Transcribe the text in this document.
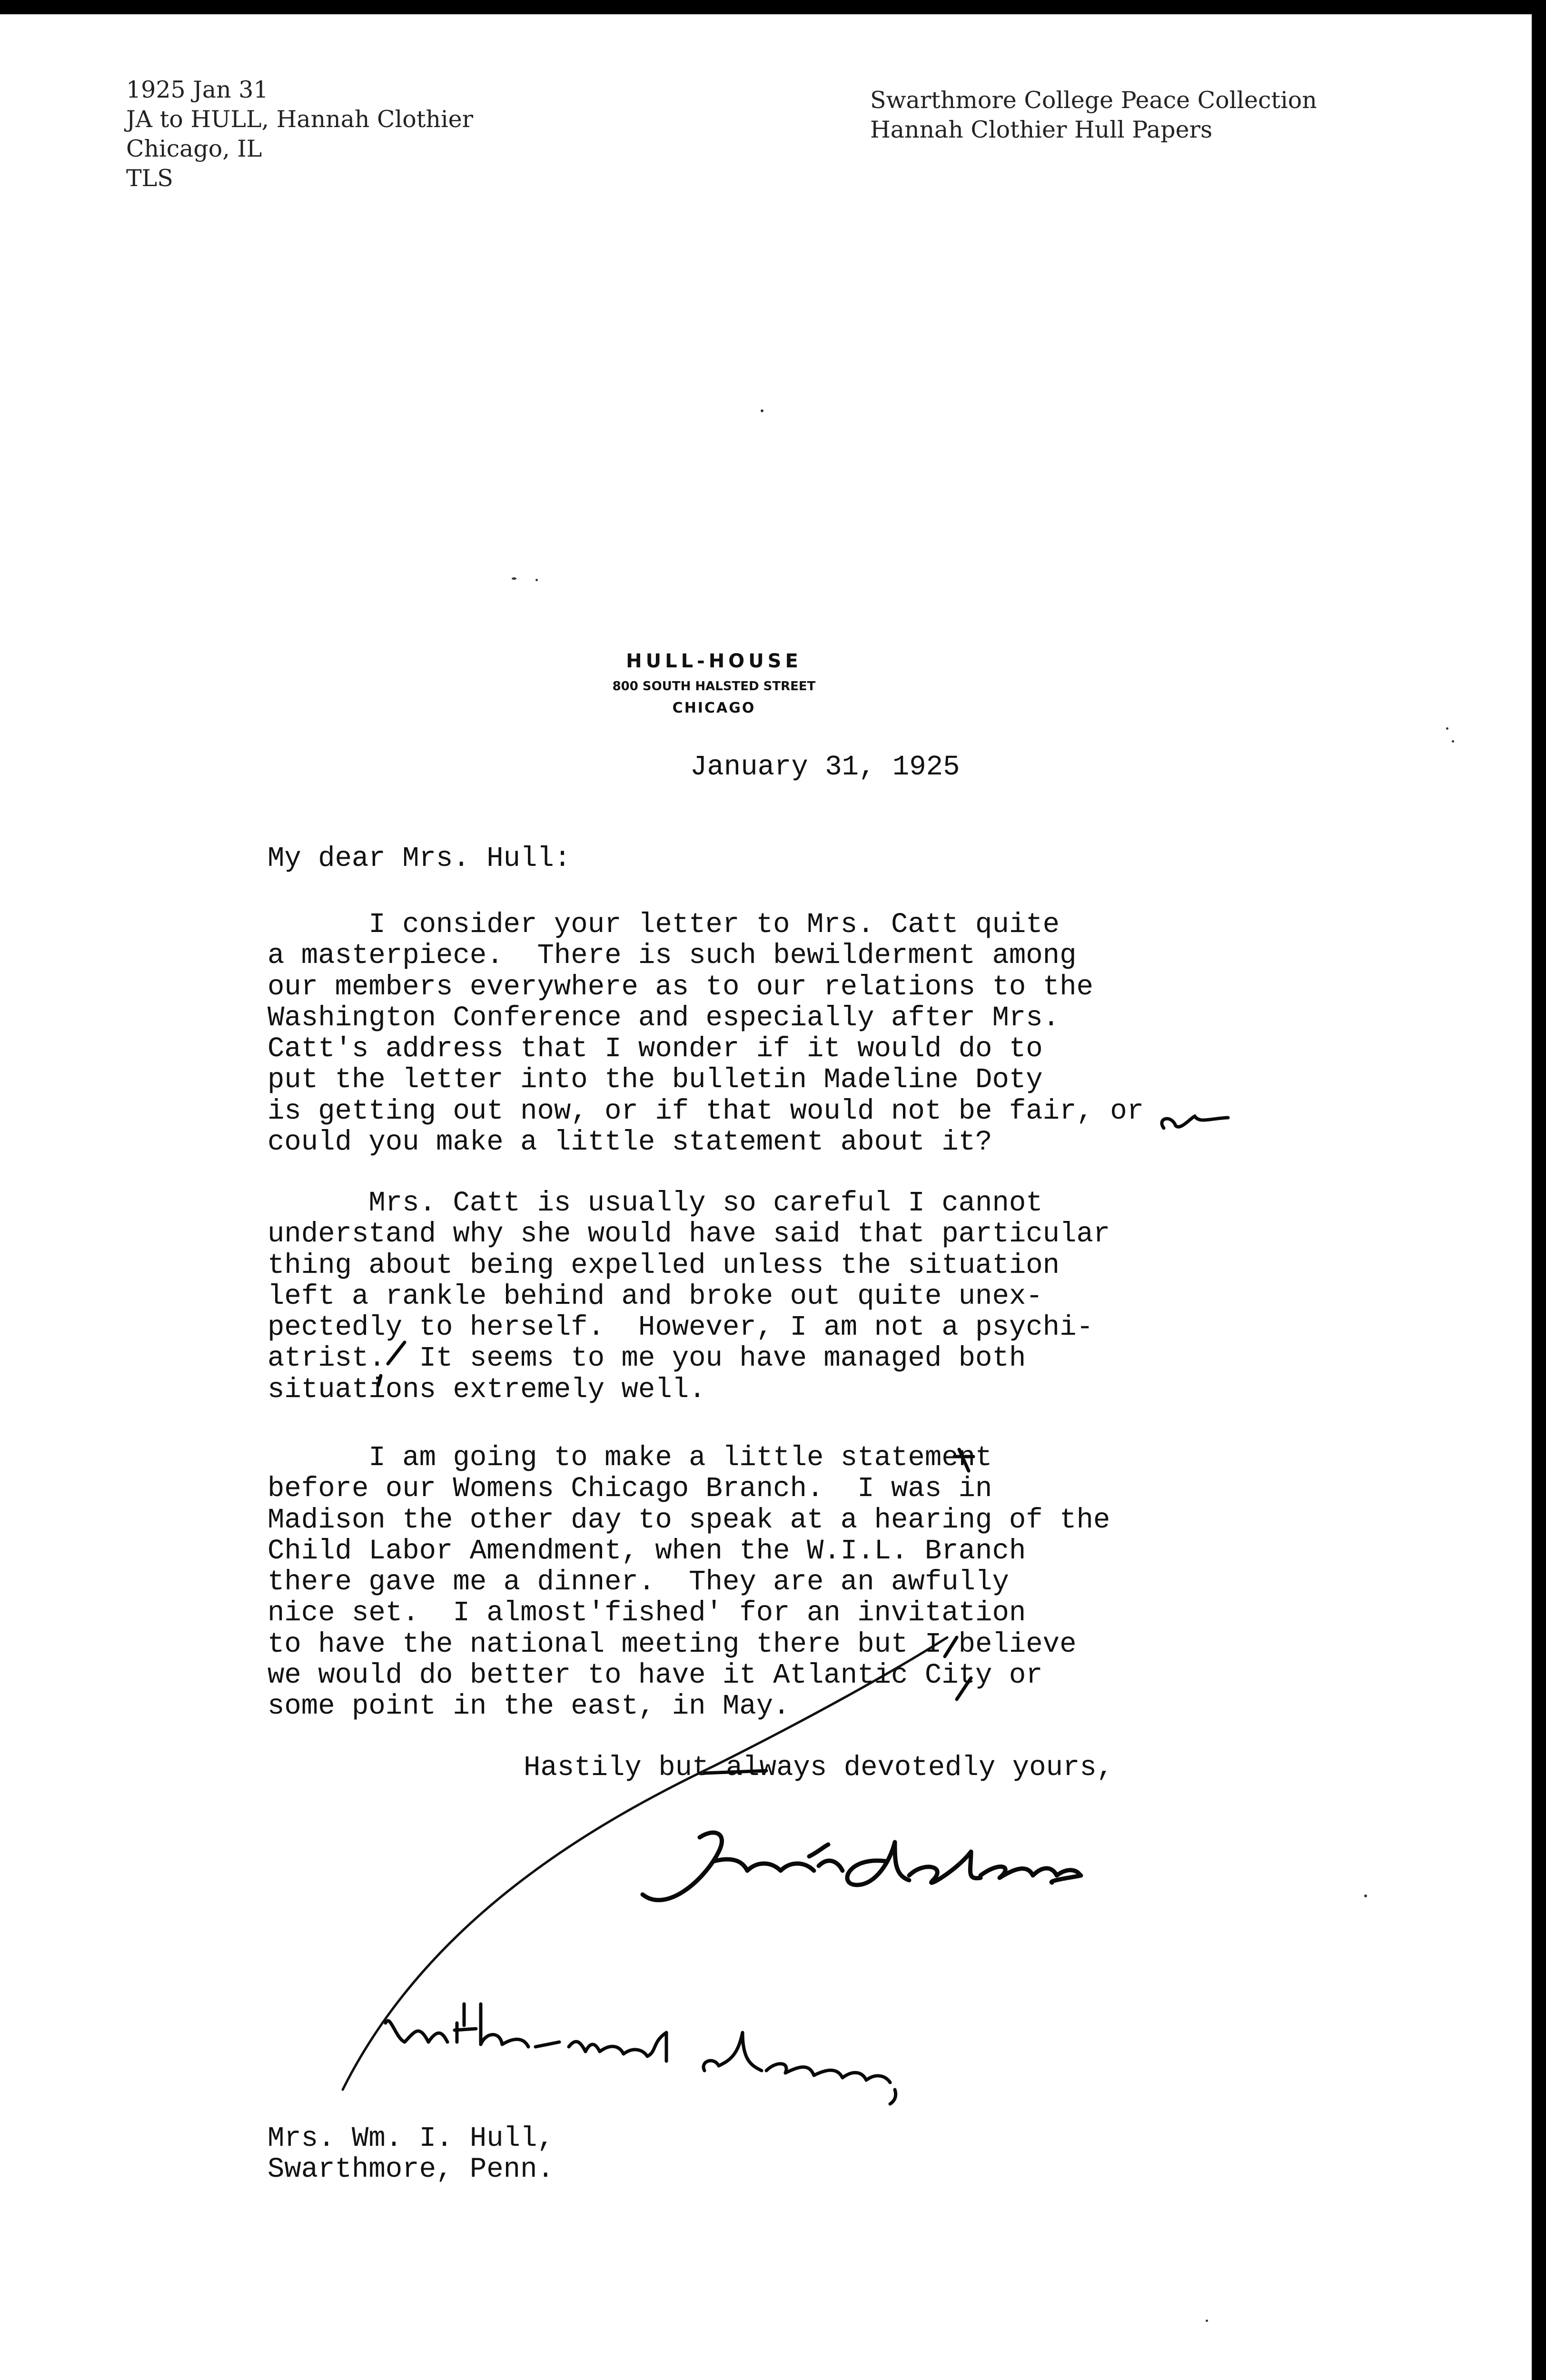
1925 Jan 31
JA to HULL, Hannah Clothier
Chicago, IL
TLS
Swarthmore College Peace Collection
Hannah Clothier Hull Papers
HULL-HOUSE
800 SOUTH HALSTED STREET
CHICAGO
January 31, 1925
My dear Mrs. Hull:
I consider your letter to Mrs. Catt quite
a masterpiece.  There is such bewilderment among
our members everywhere as to our relations to the
Washington Conference and especially after Mrs.
Catt's address that I wonder if it would do to
put the letter into the bulletin Madeline Doty
is getting out now, or if that would not be fair, or
could you make a little statement about it?
Mrs. Catt is usually so careful I cannot
understand why she would have said that particular
thing about being expelled unless the situation
left a rankle behind and broke out quite unex-
pectedly to herself.  However, I am not a psychi-
atrist.  It seems to me you have managed both
situations extremely well.
I am going to make a little statement
before our Womens Chicago Branch.  I was in
Madison the other day to speak at a hearing of the
Child Labor Amendment, when the W.I.L. Branch
there gave me a dinner.  They are an awfully
nice set.  I almost'fished' for an invitation
to have the national meeting there but I believe
we would do better to have it Atlantic City or
some point in the east, in May.
Hastily but always devotedly yours,
Mrs. Wm. I. Hull,
Swarthmore, Penn.
